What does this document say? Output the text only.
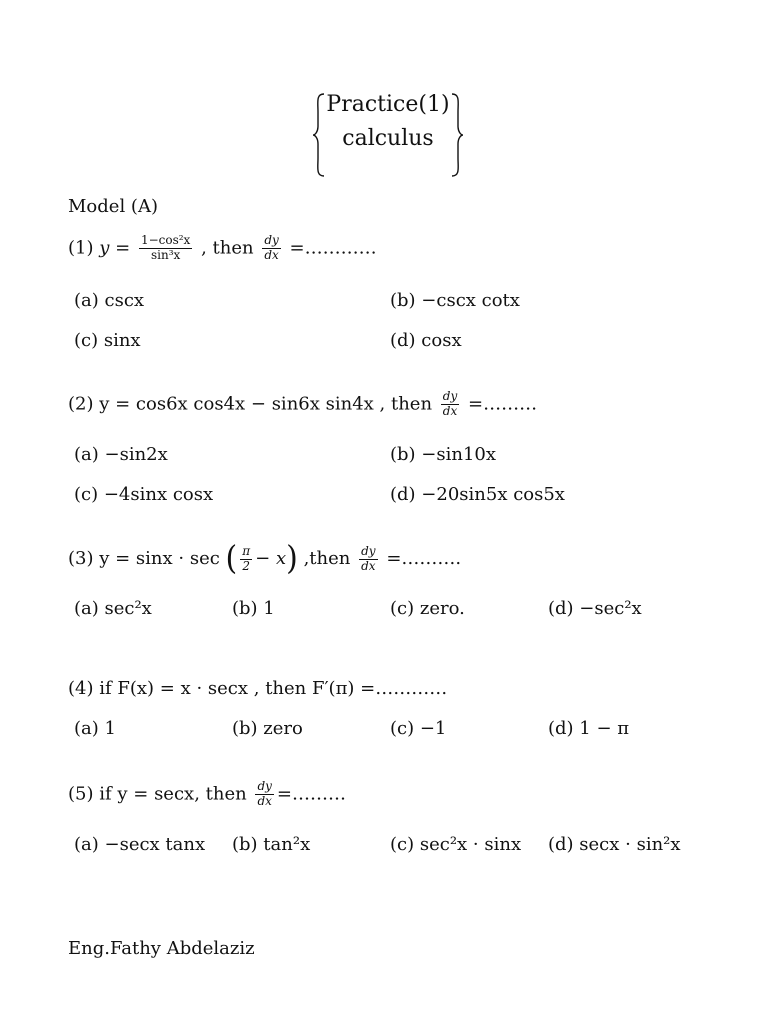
Practice(1)
calculus
Model (A)
(1) $y = \frac{\text{1−cos²x}}{\text{sin³x}}$ , then $\frac{dy}{dx}$ =…………
(a) cscx	(b) −cscx cotx
(c) sinx	(d) cosx
(2) y = cos6x cos4x − sin6x sin4x , then $\frac{dy}{dx}$ =………
(a) −sin2x	(b) −sin10x
(c) −4sinx cosx	(d) −20sin5x cos5x
(3) y = sinx · sec ( $\frac{\pi}{2} - x$) ,then $\frac{dy}{dx}$ =……….
(a) sec²x	(b) 1	(c) zero.	(d) −sec²x
(4) if F(x) = x · secx , then F′(π) =…………
(a) 1	(b) zero	(c) −1	(d) 1 − π
(5) if y = secx, then $\frac{dy}{dx}$ =………
(a) −secx tanx (b) tan²x	(c) sec²x · sinx (d) secx · sin²x
Eng.Fathy Abdelaziz
